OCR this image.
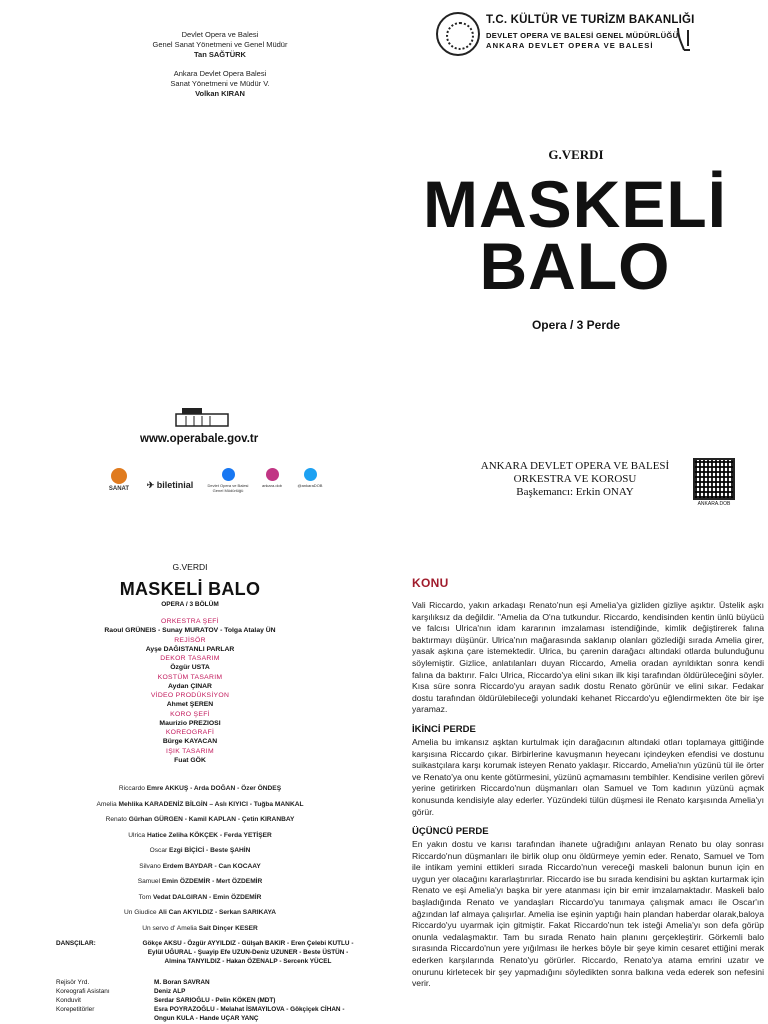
Devlet Opera ve Balesi
Genel Sanat Yönetmeni ve Genel Müdür
Tan SAĞTÜRK
Ankara Devlet Opera Balesi
Sanat Yönetmeni ve Müdür V.
Volkan KIRAN
T.C. KÜLTÜR VE TURİZM BAKANLIĞI
DEVLET OPERA VE BALESİ GENEL MÜDÜRLÜĞÜ
ANKARA DEVLET OPERA VE BALESİ
G.VERDI
MASKELİ
BALO
Opera / 3 Perde
www.operabale.gov.tr
SANAT	✈ biletinial	Devlet Opera ve Balesi Genel Müdürlüğü
ankara.dob	@ankaraDOB
ANKARA DEVLET OPERA VE BALESİ
ORKESTRA VE KOROSU
Başkemancı: Erkin ONAY
ANKARA.DOB
G.VERDI
MASKELİ BALO
OPERA / 3 BÖLÜM
ORKESTRA ŞEFİ
Raoul GRÜNEIS - Sunay MURATOV - Tolga Atalay ÜN
REJİSÖR
Ayşe DAĞISTANLI PARLAR
DEKOR TASARIM
Özgür USTA
KOSTÜM TASARIM
Aydan ÇINAR
VİDEO PRODÜKSİYON
Ahmet ŞEREN
KORO ŞEFİ
Maurizio PREZIOSI
KOREOGRAFİ
Bürge KAYACAN
IŞIK TASARIM
Fuat GÖK
Riccardo Emre AKKUŞ - Arda DOĞAN - Özer ÖNDEŞ
Amelia Mehlika KARADENİZ BİLGİN – Aslı KIYICI - Tuğba MANKAL
Renato Gürhan GÜRGEN - Kamil KAPLAN - Çetin KIRANBAY
Ulrica Hatice Zeliha KÖKÇEK - Ferda YETİŞER
Oscar Ezgi BİÇİCİ - Beste ŞAHİN
Silvano Erdem BAYDAR - Can KOCAAY
Samuel Emin ÖZDEMİR - Mert ÖZDEMİR
Tom Vedat DALGIRAN - Emin ÖZDEMİR
Un Giudice Ali Can AKYILDIZ - Serkan SARIKAYA
Un servo d' Amelia Sait Dinçer KESER
DANSÇILAR:	Gökçe AKSU - Özgür AYYILDIZ - Gülşah BAKIR - Eren Çelebi KUTLU -
Eylül UĞURAL - Şuayip Efe UZUN-Deniz UZUNER - Beste ÜSTÜN -
Almina TANYILDIZ - Hakan ÖZENALP - Sercenk YÜCEL
Rejisör Yrd.	M. Boran SAVRAN
Koreografi Asistanı	Deniz ALP
Konduvit	Serdar SARIOĞLU - Pelin KÖKEN (MDT)
Korepetitörler	Esra POYRAZOĞLU - Melahat İSMAYILOVA - Gökçiçek CİHAN -
Ongun KULA - Hande UÇAR YANÇ
KONU

Vali Riccardo, yakın arkadaşı Renato'nun eşi Amelia'ya gizliden gizliye aşıktır. Üstelik aşkı karşılıksız da değildir. "Amelia da O'na tutkundur. Riccardo, kendisinden kentin ünlü büyücü ve falcısı Ulrica'nın idam kararının imzalaması istendiğinde, kimlik değiştirerek falına baktırmayı düşünür. Ulrica'nın mağarasında saklanıp olanları gözlediği sırada Amelia girer, yasak aşkına çare istemektedir. Ulrica, bu çarenin darağacı altındaki otlarda bulunduğunu söylemiştir. Gizlice, anlatılanları duyan Riccardo, Amelia oradan ayrıldıktan sonra kendi falına da baktırır. Falcı Ulrica, Riccardo'ya elini sıkan ilk kişi tarafından öldürüleceğini söyler. Kısa süre sonra Riccardo'yu arayan sadık dostu Renato görünür ve elini sıkar. Fedakar dostu tarafından öldürülebileceği yolundaki kehanet Riccardo'yu eğlendirmekten öte bir işe yaramaz.

İKİNCİ PERDE

Amelia bu imkansız aşktan kurtulmak için darağacının altındaki otları toplamaya gittiğinde karşısına Riccardo çıkar. Birbirlerine kavuşmanın heyecanı içindeyken efendisi ve dostunu suikastçılara karşı korumak isteyen Renato yaklaşır. Riccardo, Amelia'nın yüzünü tül ile örter ve Renato'ya onu kente götürmesini, yüzünü açmamasını tembihler. Kendisine verilen görevi yerine getirirken Riccardo'nun düşmanları olan Samuel ve Tom kadının yüzünü açmak konusunda kendisiyle alay ederler. Yüzündeki tülün düşmesi ile Renato karşısında Amelia'yı görür.

ÜÇÜNCÜ PERDE

En yakın dostu ve karısı tarafından ihanete uğradığını anlayan Renato bu olay sonrası Riccardo'nun düşmanları ile birlik olup onu öldürmeye yemin eder. Renato, Samuel ve Tom ile intikam yemini ettikleri sırada Riccardo'nun vereceği maskeli balonun bunun için en uygun yer olacağını kararlaştırırlar. Riccardo ise bu sırada kendisini bu aşktan kurtarmak için Renato ve eşi Amelia'yı başka bir yere atanması için bir emir imzalamaktadır. Maskeli balo başladığında Renato ve yandaşları Riccardo'yu tanımaya çalışmak amacı ile Oscar'ın ağzından laf almaya çalışırlar. Amelia ise eşinin yaptığı hain plandan haberdar olarak,baloya Riccardo'yu uyarmak için gitmiştir. Fakat Riccardo'nun tek isteği Amelia'yı son defa görüp onunla vedalaşmaktır. Tam bu sırada Renato hain planını gerçekleştirir. Görkemli balo sırasında Riccardo'nun yere yığılması ile herkes böyle bir şeye kimin cesaret ettiğini merak ederken karşılarında Renato'yu görürler. Riccardo, Renato'ya atama emrini uzatır ve onurunu kirletecek bir şey yapmadığını söyledikten sonra balkına veda ederek son nefesini verir.
